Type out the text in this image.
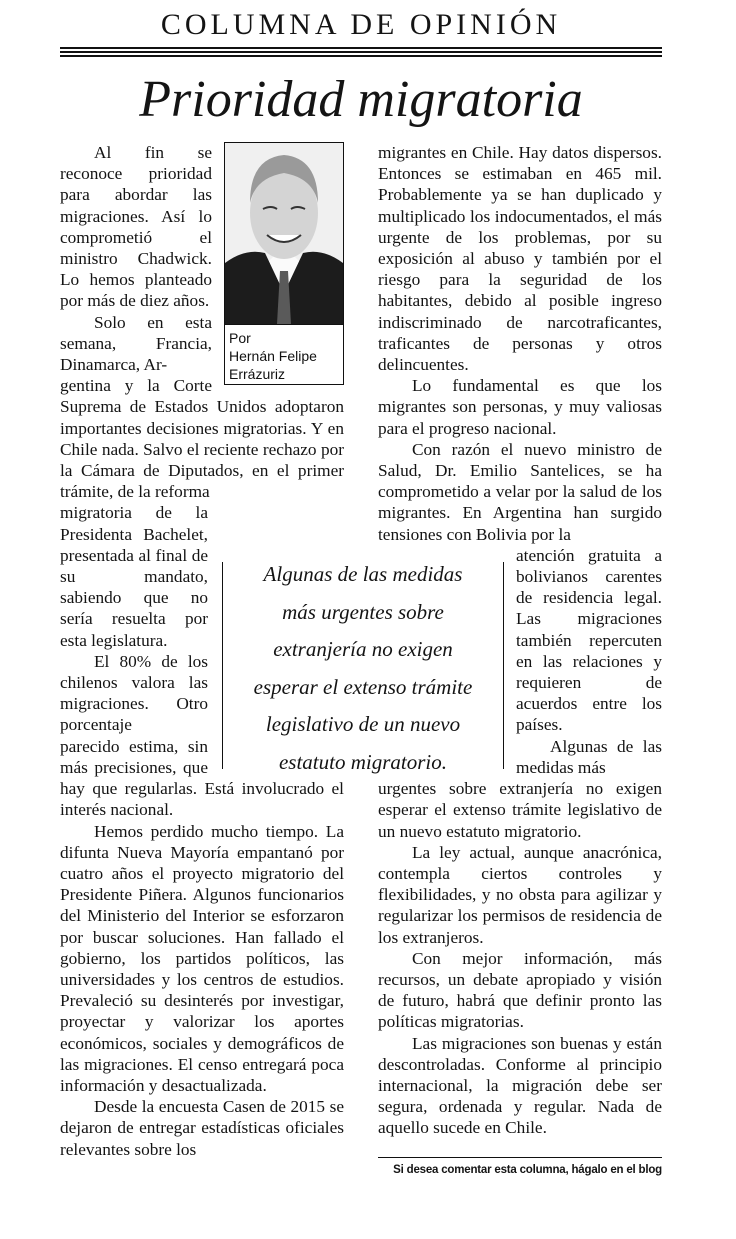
COLUMNA DE OPINIÓN
Prioridad migratoria
Por
Hernán Felipe
Errázuriz

Al fin se reconoce prioridad para abordar las migraciones. Así lo comprometió el ministro Chadwick. Lo hemos planteado por más de diez años.

Solo en esta semana, Francia, Dinamarca, Ar-

gentina y la Corte Suprema de Estados Unidos adoptaron importantes decisiones migratorias. Y en Chile nada. Salvo el reciente rechazo por la Cámara de Diputados, en el primer trámite, de la reforma

migratoria de la Presidenta Bachelet, presentada al final de su mandato, sabiendo que no sería resuelta por esta legislatura.

El 80% de los chilenos valora las migraciones. Otro porcentaje

parecido estima, sin más precisiones, que hay que regularlas. Está involucrado el interés nacional.

Hemos perdido mucho tiempo. La difunta Nueva Mayoría empantanó por cuatro años el proyecto migratorio del Presidente Piñera. Algunos funcionarios del Ministerio del Interior se esforzaron por buscar soluciones. Han fallado el gobierno, los partidos políticos, las universidades y los centros de estudios. Prevaleció su desinterés por investigar, proyectar y valorizar los aportes económicos, sociales y demográficos de las migraciones. El censo entregará poca información y desactualizada.

Desde la encuesta Casen de 2015 se dejaron de entregar estadísticas oficiales relevantes sobre los

migrantes en Chile. Hay datos dispersos. Entonces se estimaban en 465 mil. Probablemente ya se han duplicado y multiplicado los indocumentados, el más urgente de los problemas, por su exposición al abuso y también por el riesgo para la seguridad de los habitantes, debido al posible ingreso indiscriminado de narcotraficantes, traficantes de personas y otros delincuentes.

Lo fundamental es que los migrantes son personas, y muy valiosas para el progreso nacional.

Con razón el nuevo ministro de Salud, Dr. Emilio Santelices, se ha comprometido a velar por la salud de los migrantes. En Argentina han surgido tensiones con Bolivia por la

atención gratuita a bolivianos carentes de residencia legal. Las migraciones también repercuten en las relaciones y requieren de acuerdos entre los países.

Algunas de las medidas más

urgentes sobre extranjería no exigen esperar el extenso trámite legislativo de un nuevo estatuto migratorio.

La ley actual, aunque anacrónica, contempla ciertos controles y flexibilidades, y no obsta para agilizar y regularizar los permisos de residencia de los extranjeros.

Con mejor información, más recursos, un debate apropiado y visión de futuro, habrá que definir pronto las políticas migratorias.

Las migraciones son buenas y están descontroladas. Conforme al principio internacional, la migración debe ser segura, ordenada y regular. Nada de aquello sucede en Chile.

Si desea comentar esta columna, hágalo en el blog
Algunas de las medidas
más urgentes sobre
extranjería no exigen
esperar el extenso trámite
legislativo de un nuevo
estatuto migratorio.
